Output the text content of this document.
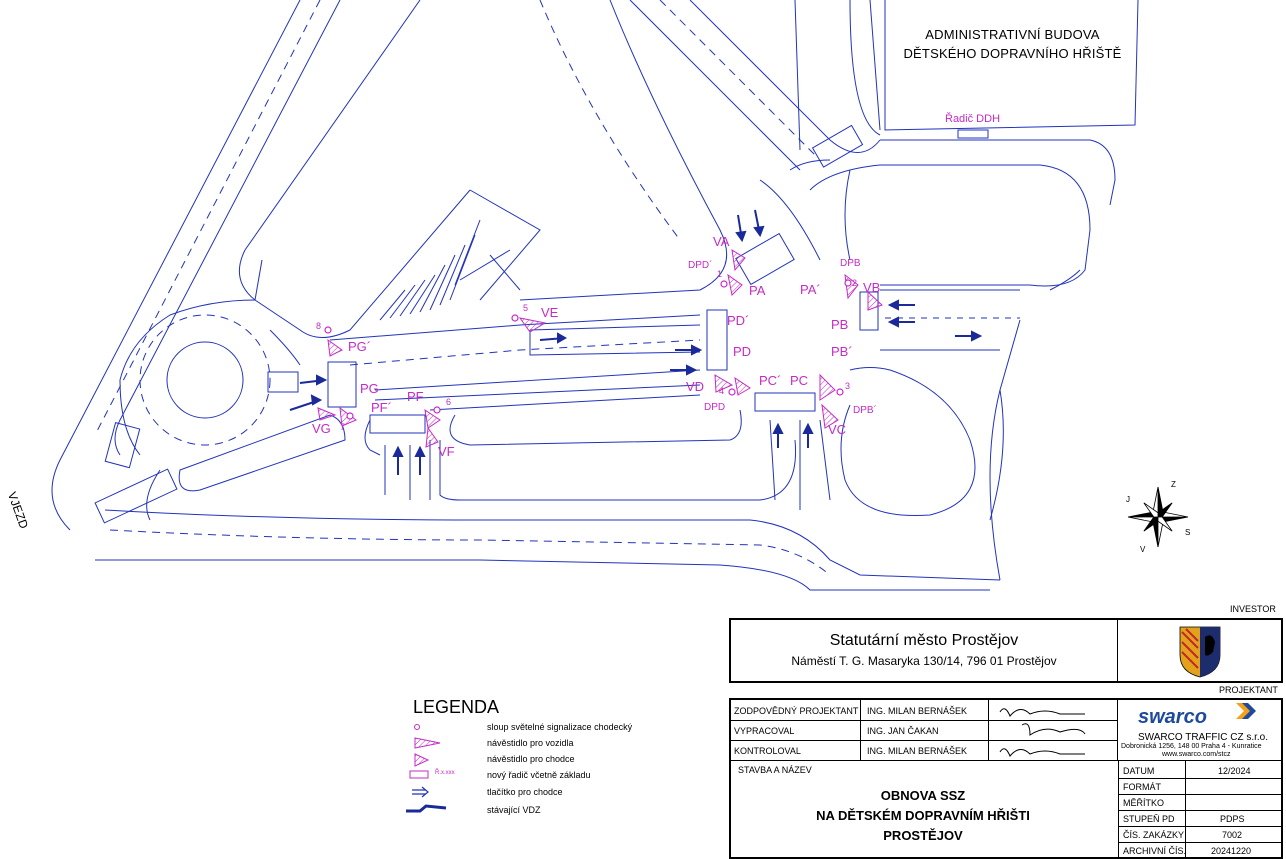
ADMINISTRATIVNÍ BUDOVA
DĚTSKÉHO DOPRAVNÍHO HŘIŠTĚ
Řadič DDH
VJEZD
VA
DPD´
PA
DPB
PA´	VB
PD´
PD
PB
PB´
VD
DPD
PC´ PC
VC
DPB´
VE
PG´
PG
VG
PF
PF´
VF
1
2
3
4
5
6
7
8
J
Z
V
S
LEGENDA
sloup světelné signalizace chodecký
návěstidlo pro vozidla
návěstidlo pro chodce
Ř.x.xxx	nový řadič včetně základu
tlačítko pro chodce
stávající VDZ
INVESTOR
Statutární město Prostějov
Náměstí T. G. Masaryka 130/14, 796 01 Prostějov
PROJEKTANT
ZODPOVĚDNÝ PROJEKTANT ING. MILAN BERNÁŠEK
VYPRACOVAL	ING. JAN ČAKAN
KONTROLOVAL	ING. MILAN BERNÁŠEK
swarco
SWARCO TRAFFIC CZ s.r.o.
Dobronická 1256, 148 00 Praha 4 - Kunratice
www.swarco.com/stcz
STAVBA A NÁZEV
OBNOVA SSZ
NA DĚTSKÉM DOPRAVNÍM HŘIŠTI
PROSTĚJOV
DATUM	12/2024
FORMÁT
MĚŘÍTKO
STUPEŇ PD	PDPS
ČÍS. ZAKÁZKY	7002
ARCHIVNÍ ČÍS.	20241220
